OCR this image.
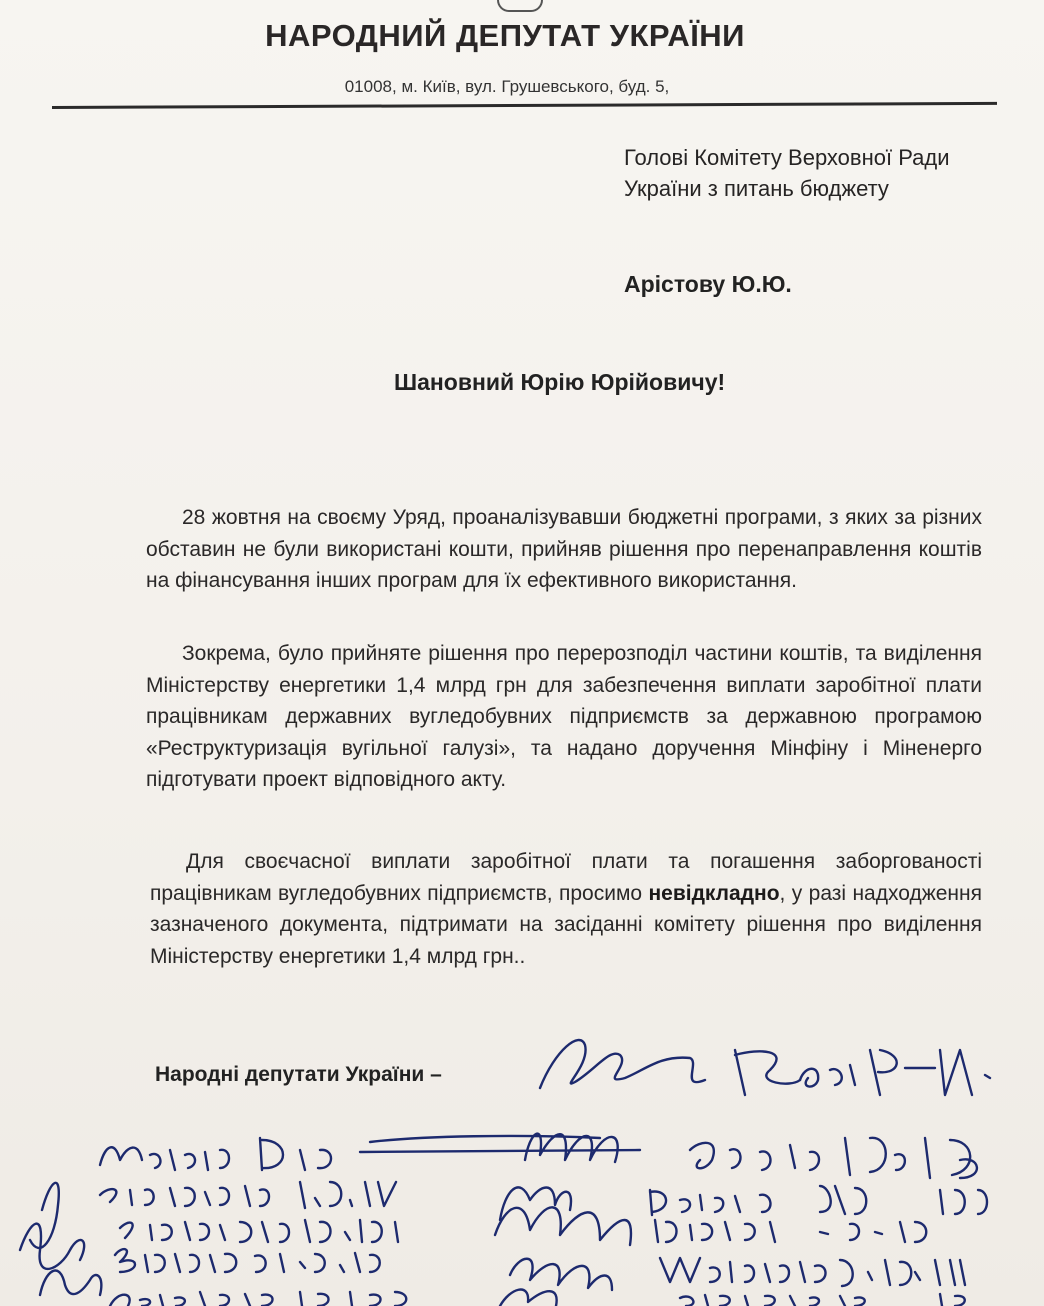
НАРОДНИЙ ДЕПУТАТ УКРАЇНИ
01008, м. Київ, вул. Грушевського, буд. 5,
Голові Комітету Верховної Ради
України з питань бюджету
Арістову Ю.Ю.
Шановний Юрію Юрійовичу!
28 жовтня на своєму Уряд, проаналізувавши бюджетні програми, з яких за різних обставин не були використані кошти, прийняв рішення про перенаправлення коштів на фінансування інших програм для їх ефективного використання.
Зокрема, було прийняте рішення про перерозподіл частини коштів, та виділення Міністерству енергетики 1,4 млрд грн для забезпечення виплати заробітної плати працівникам державних вугледобувних підприємств за державною програмою «Реструктуризація вугільної галузі», та надано доручення Мінфіну і Міненерго підготувати проект відповідного акту.
Для своєчасної виплати заробітної плати та погашення заборгованості працівникам вугледобувних підприємств, просимо невідкладно, у разі надходження зазначеного документа, підтримати на засіданні комітету рішення про виділення Міністерству енергетики 1,4 млрд грн..
Народні депутати України –
